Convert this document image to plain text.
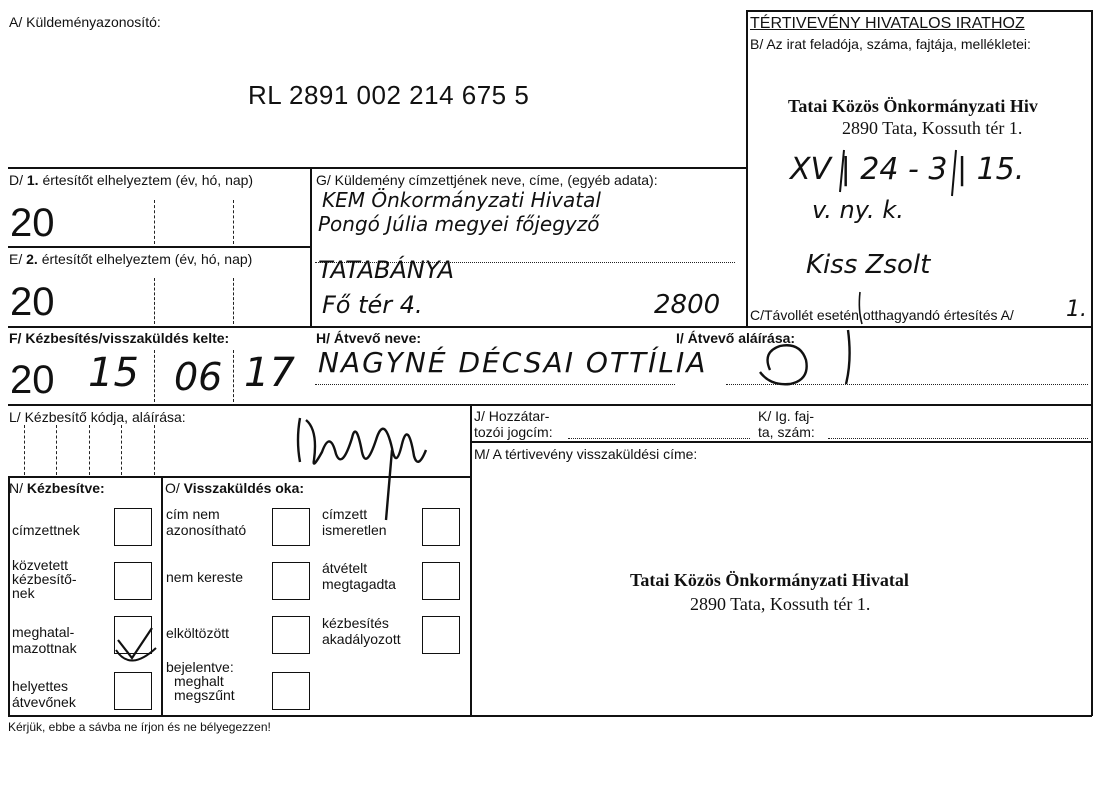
A/ Küldeményazonosító:
RL 2891 002 214 675 5
TÉRTIVEVÉNY HIVATALOS IRATHOZ
B/ Az irat feladója, száma, fajtája, mellékletei:
Tatai Közös Önkormányzati Hiv
2890 Tata, Kossuth tér 1.
XV | 24 - 3 | 15.
v. ny. k.
Kiss Zsolt
D/ 1. értesítőt elhelyeztem (év, hó, nap)
20
E/ 2. értesítőt elhelyeztem (év, hó, nap)
20
G/ Küldemény címzettjének neve, címe, (egyéb adata):
KEM Önkormányzati Hivatal
Pongó Júlia megyei főjegyző
TATABÁNYA
Fő tér 4.	2800 C/Távollét esetén otthagyandó értesítés A/ 1.
F/ Kézbesítés/visszaküldés kelte:
20 15 06 17
H/ Átvevő neve:
NAGYNÉ DÉCSAI OTTÍLIA
I/ Átvevő aláírása:
L/ Kézbesítő kódja, aláírása:	J/ Hozzátar-
tozói jogcím:
K/ Ig. faj-
ta, szám:
M/ A tértivevény visszaküldési címe:
Tatai Közös Önkormányzati Hivatal
2890 Tata, Kossuth tér 1.
N/ Kézbesítve:
címzettnek
közvetett
kézbesítő-
nek
meghatal-
mazottnak
helyettes
átvevőnek
O/ Visszaküldés oka:
cím nem
azonosítható
nem kereste
elköltözött
bejelentve:
meghalt
megszűnt
címzett
ismeretlen
átvételt
megtagadta
kézbesítés
akadályozott
Kérjük, ebbe a sávba ne írjon és ne bélyegezzen!
